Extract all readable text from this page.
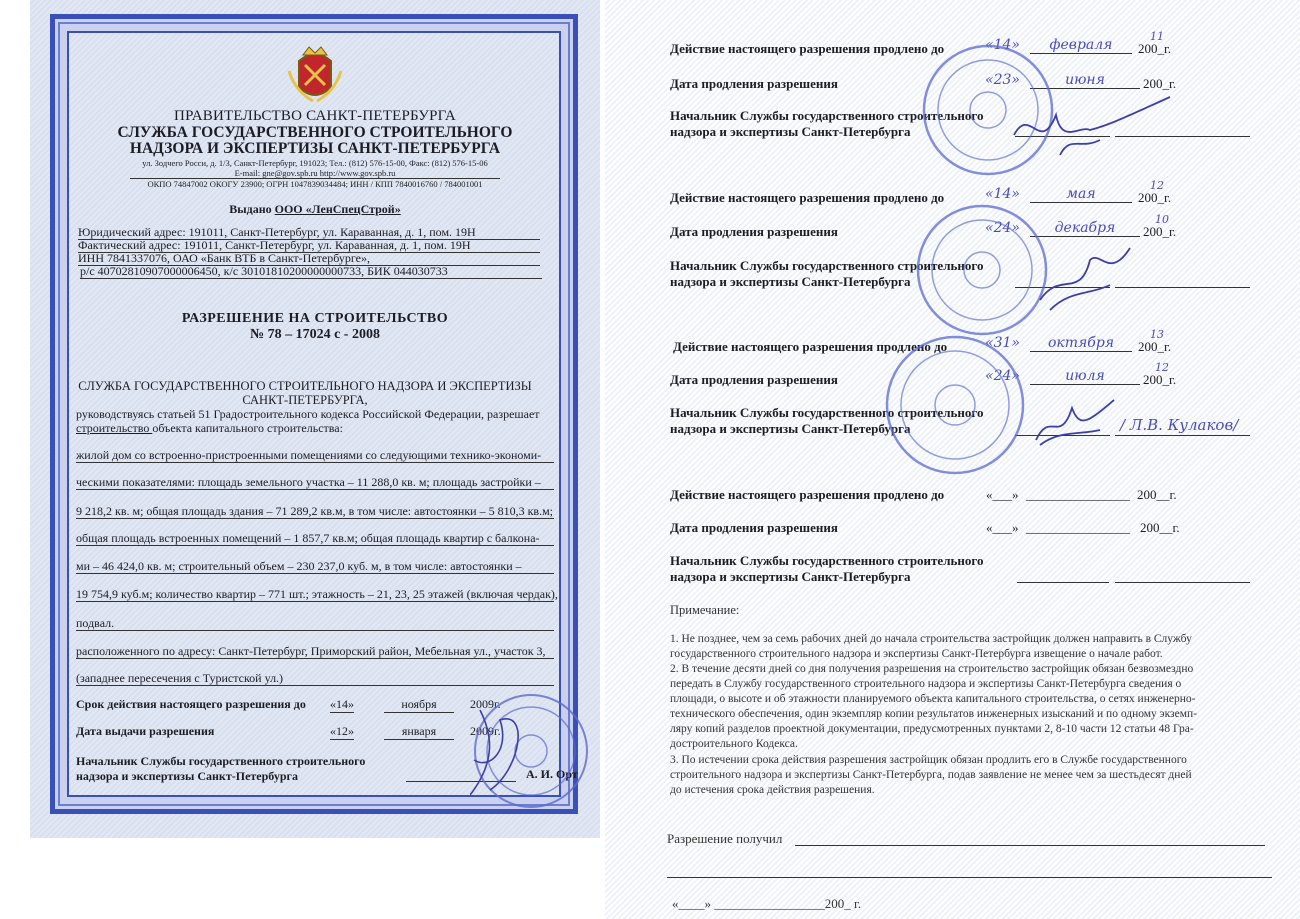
ПРАВИТЕЛЬСТВО САНКТ-ПЕТЕРБУРГА

СЛУЖБА ГОСУДАРСТВЕННОГО СТРОИТЕЛЬНОГО

НАДЗОРА И ЭКСПЕРТИЗЫ САНКТ-ПЕТЕРБУРГА

ул. Зодчего Росси, д. 1/3, Санкт-Петербург, 191023; Тел.: (812) 576-15-00, Факс: (812) 576-15-06

E-mail: gne@gov.spb.ru http://www.gov.spb.ru

ОКПО 74847002 ОКОГУ 23900; ОГРН 1047839034484; ИНН / КПП 7840016760 / 784001001

Выдано ООО «ЛенСпецСтрой»

Юридический адрес: 191011, Санкт-Петербург, ул. Караванная, д. 1, пом. 19Н

Фактический адрес: 191011, Санкт-Петербург, ул. Караванная, д. 1, пом. 19Н

ИНН 7841337076, ОАО «Банк ВТБ в Санкт-Петербурге»,

р/с 40702810907000006450, к/с 30101810200000000733, БИК 044030733

РАЗРЕШЕНИЕ НА СТРОИТЕЛЬСТВО

№ 78 – 17024 с - 2008

СЛУЖБА ГОСУДАРСТВЕННОГО СТРОИТЕЛЬНОГО НАДЗОРА И ЭКСПЕРТИЗЫ

САНКТ-ПЕТЕРБУРГА,

руководствуясь статьей 51 Градостроительного кодекса Российской Федерации, разрешает

строительство объекта капитального строительства:

жилой дом со встроенно-пристроенными помещениями со следующими технико-экономи-

ческими показателями: площадь земельного участка – 11 288,0 кв. м; площадь застройки –

9 218,2 кв. м; общая площадь здания – 71 289,2 кв.м, в том числе: автостоянки – 5 810,3 кв.м;

общая площадь встроенных помещений – 1 857,7 кв.м; общая площадь квартир с балкона-

ми – 46 424,0 кв. м; строительный объем – 230 237,0 куб. м, в том числе: автостоянки –

19 754,9 куб.м; количество квартир – 771 шт.; этажность – 21, 23, 25 этажей (включая чердак),

подвал.

расположенного по адресу: Санкт-Петербург, Приморский район, Мебельная ул., участок 3,

(западнее пересечения с Туристской ул.)

Срок действия настоящего разрешения до «14»	ноября	2009г.

Дата выдачи разрешения	«12»	января	2009г.

Начальник Службы государственного строительного
надзора и экспертизы Санкт-Петербурга	А. И. Орт

Действие настоящего разрешения продлено до	«14»	февраля	200_г.
11

Дата продления разрешения	«23»	июня	200_г.

Начальник Службы государственного строительного
надзора и экспертизы Санкт-Петербурга

Действие настоящего разрешения продлено до	«14»	мая	200_г.
12

Дата продления разрешения	«24»	декабря	200_г.
10

Начальник Службы государственного строительного
надзора и экспертизы Санкт-Петербурга

Действие настоящего разрешения продлено до	«31»	октября	200_г.
13

Дата продления разрешения	«24»	июля	200_г.
12

Начальник Службы государственного строительного
надзора и экспертизы Санкт-Петербурга	/ Л.В. Кулаков/

Действие настоящего разрешения продлено до	«___» ________________ 200__г.

Дата продления разрешения	«___» ________________ 200__г.

Начальник Службы государственного строительного
надзора и экспертизы Санкт-Петербурга

Примечание:

1. Не позднее, чем за семь рабочих дней до начала строительства застройщик должен направить в Службу

государственного строительного надзора и экспертизы Санкт-Петербурга извещение о начале работ.

2. В течение десяти дней со дня получения разрешения на строительство застройщик обязан безвозмездно

передать в Службу государственного строительного надзора и экспертизы Санкт-Петербурга сведения о

площади, о высоте и об этажности планируемого объекта капитального строительства, о сетях инженерно-

технического обеспечения, один экземпляр копии результатов инженерных изысканий и по одному экземп-

ляру копий разделов проектной документации, предусмотренных пунктами 2, 8-10 части 12 статьи 48 Гра-

достроительного Кодекса.

3. По истечении срока действия разрешения застройщик обязан продлить его в Службе государственного

строительного надзора и экспертизы Санкт-Петербурга, подав заявление не менее чем за шестьдесят дней

до истечения срока действия разрешения.

Разрешение получил

«____» _________________200_ г.
